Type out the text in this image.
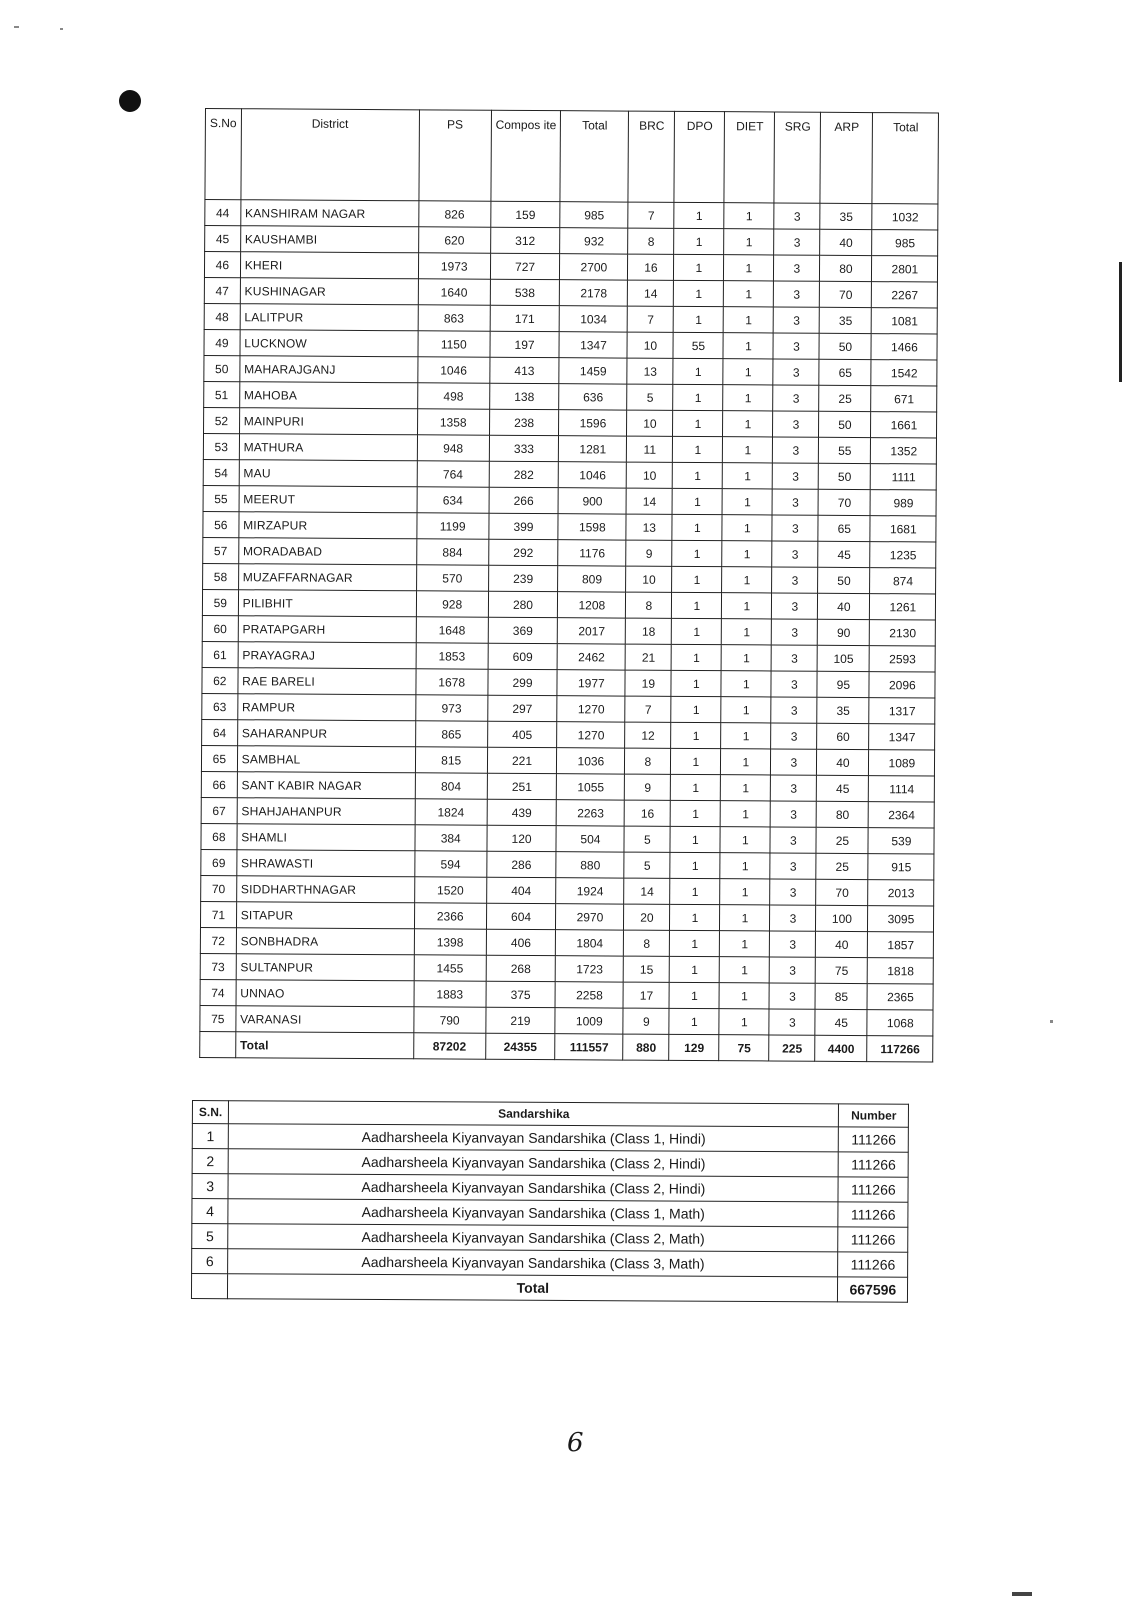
S.No	District	PS	Compos ite	Total	BRC	DPO	DIET	SRG	ARP	Total
44	KANSHIRAM NAGAR	826	159	985	7	1	1	3	35	1032
45	KAUSHAMBI	620	312	932	8	1	1	3	40	985
46	KHERI	1973	727	2700	16	1	1	3	80	2801
47	KUSHINAGAR	1640	538	2178	14	1	1	3	70	2267
48	LALITPUR	863	171	1034	7	1	1	3	35	1081
49	LUCKNOW	1150	197	1347	10	55	1	3	50	1466
50	MAHARAJGANJ	1046	413	1459	13	1	1	3	65	1542
51	MAHOBA	498	138	636	5	1	1	3	25	671
52	MAINPURI	1358	238	1596	10	1	1	3	50	1661
53	MATHURA	948	333	1281	11	1	1	3	55	1352
54	MAU	764	282	1046	10	1	1	3	50	1111
55	MEERUT	634	266	900	14	1	1	3	70	989
56	MIRZAPUR	1199	399	1598	13	1	1	3	65	1681
57	MORADABAD	884	292	1176	9	1	1	3	45	1235
58	MUZAFFARNAGAR	570	239	809	10	1	1	3	50	874
59	PILIBHIT	928	280	1208	8	1	1	3	40	1261
60	PRATAPGARH	1648	369	2017	18	1	1	3	90	2130
61	PRAYAGRAJ	1853	609	2462	21	1	1	3	105	2593
62	RAE BARELI	1678	299	1977	19	1	1	3	95	2096
63	RAMPUR	973	297	1270	7	1	1	3	35	1317
64	SAHARANPUR	865	405	1270	12	1	1	3	60	1347
65	SAMBHAL	815	221	1036	8	1	1	3	40	1089
66	SANT KABIR NAGAR	804	251	1055	9	1	1	3	45	1114
67	SHAHJAHANPUR	1824	439	2263	16	1	1	3	80	2364
68	SHAMLI	384	120	504	5	1	1	3	25	539
69	SHRAWASTI	594	286	880	5	1	1	3	25	915
70	SIDDHARTHNAGAR	1520	404	1924	14	1	1	3	70	2013
71	SITAPUR	2366	604	2970	20	1	1	3	100	3095
72	SONBHADRA	1398	406	1804	8	1	1	3	40	1857
73	SULTANPUR	1455	268	1723	15	1	1	3	75	1818
74	UNNAO	1883	375	2258	17	1	1	3	85	2365
75	VARANASI	790	219	1009	9	1	1	3	45	1068
	Total	87202	24355	111557	880	129	75	225	4400	117266
S.N.	Sandarshika	Number
1	Aadharsheela Kiyanvayan Sandarshika (Class 1, Hindi)	111266
2	Aadharsheela Kiyanvayan Sandarshika (Class 2, Hindi)	111266
3	Aadharsheela Kiyanvayan Sandarshika (Class 2, Hindi)	111266
4	Aadharsheela Kiyanvayan Sandarshika (Class 1, Math)	111266
5	Aadharsheela Kiyanvayan Sandarshika (Class 2, Math)	111266
6	Aadharsheela Kiyanvayan Sandarshika (Class 3, Math)	111266
	Total	667596
6
